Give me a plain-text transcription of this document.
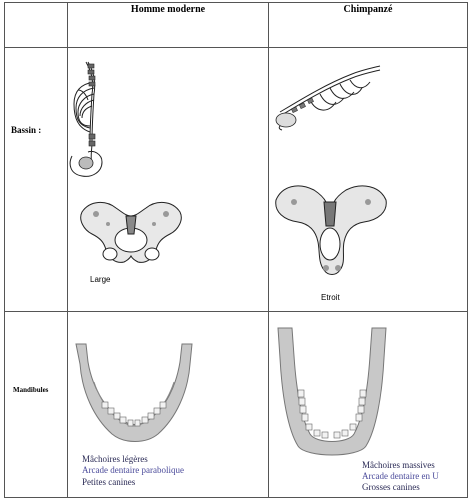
Homme moderne	Chimpanzé
Bassin :
Mandibules
Large
Etroit
Mâchoires légères
Arcade dentaire parabolique
Petites canines
Mâchoires massives
Arcade dentaire en U
Grosses canines
